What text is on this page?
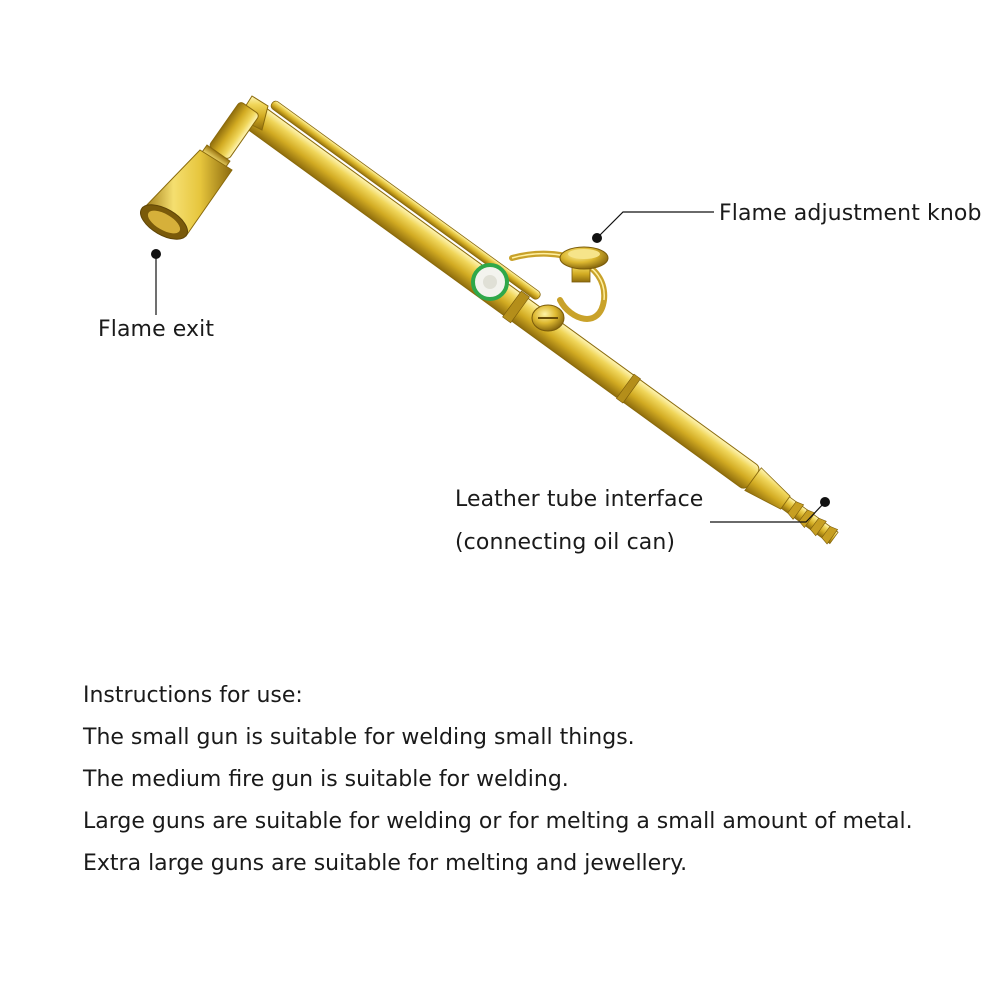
Flame adjustment knob
Flame exit
Leather tube interface
(connecting oil can)
Instructions for use:
The small gun is suitable for welding small things.
The medium fire gun is suitable for welding.
Large guns are suitable for welding or for melting a small amount of metal.
Extra large guns are suitable for melting and jewellery.
